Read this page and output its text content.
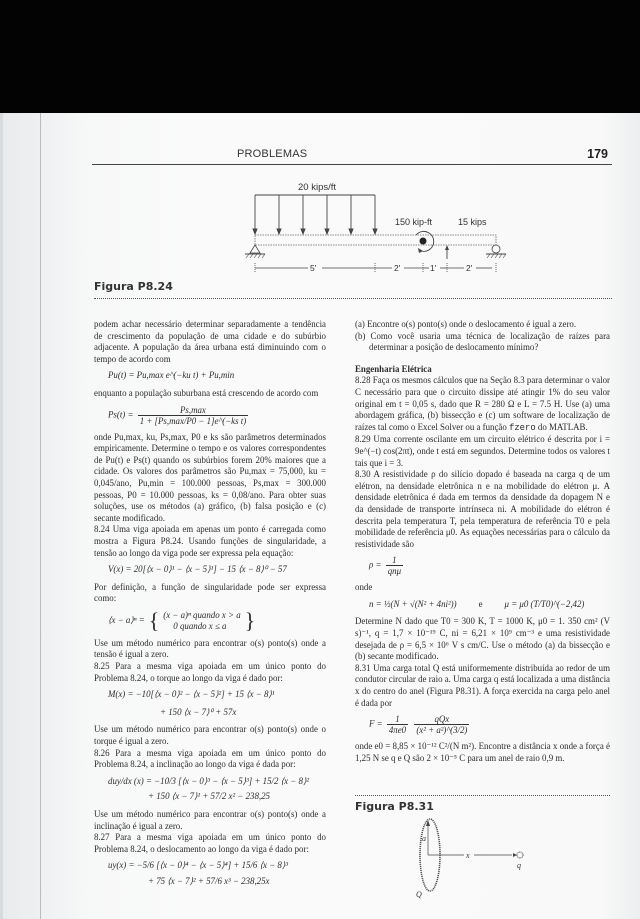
PROBLEMAS	179
20 kips/ft
150 kip-ft	15 kips
5'	2'	1'	2'
Figura P8.24

podem achar necessário determinar separadamente a tendência de crescimento da população de uma cidade e do subúrbio adjacente. A população da área urbana está diminuindo com o tempo de acordo com

Pu(t) = Pu,max e^(−ku t) + Pu,min

enquanto a população suburbana está crescendo de acordo com

$Ps(t) = \frac{Ps,\max}{\text{1 + [Ps,max/P0 − 1]e\textasciicircum{}(−ks t)}}$

onde Pu,max, ku, Ps,max, P0 e ks são parâmetros determinados empiricamente. Determine o tempo e os valores correspondentes de Pu(t) e Ps(t) quando os subúrbios forem 20% maiores que a cidade. Os valores dos parâmetros são Pu,max = 75,000, ku = 0,045/ano, Pu,min = 100.000 pessoas, Ps,max = 300.000 pessoas, P0 = 10.000 pessoas, ks = 0,08/ano. Para obter suas soluções, use os métodos (a) gráfico, (b) falsa posição e (c) secante modificado.

8.24 Uma viga apoiada em apenas um ponto é carregada como mostra a Figura P8.24. Usando funções de singularidade, a tensão ao longo da viga pode ser expressa pela equação:

V(x) = 20[⟨x − 0⟩¹ − ⟨x − 5⟩¹] − 15 ⟨x − 8⟩⁰ − 57

Por definição, a função de singularidade pode ser expressa como:

⟨x − a⟩ⁿ = { (x − a)ⁿ quando x > a
0 quando x ≤ a }

Use um método numérico para encontrar o(s) ponto(s) onde a tensão é igual a zero.

8.25 Para a mesma viga apoiada em um único ponto do Problema 8.24, o torque ao longo da viga é dado por:

M(x) = −10[⟨x − 0⟩² − ⟨x − 5⟩²] + 15 ⟨x − 8⟩¹
+ 150 ⟨x − 7⟩⁰ + 57x

Use um método numérico para encontrar o(s) ponto(s) onde o torque é igual a zero.

8.26 Para a mesma viga apoiada em um único ponto do Problema 8.24, a inclinação ao longo da viga é dada por:

duy/dx (x) = −10/3 [⟨x − 0⟩³ − ⟨x − 5⟩³] + 15/2 ⟨x − 8⟩²
+ 150 ⟨x − 7⟩¹ + 57/2 x² − 238,25

Use um método numérico para encontrar o(s) ponto(s) onde a inclinação é igual a zero.

8.27 Para a mesma viga apoiada em um único ponto do Problema 8.24, o deslocamento ao longo da viga é dado por:

uy(x) = −5/6 [⟨x − 0⟩⁴ − ⟨x − 5⟩⁴] + 15/6 ⟨x − 8⟩³
+ 75 ⟨x − 7⟩² + 57/6 x³ − 238,25x

(a) Encontre o(s) ponto(s) onde o deslocamento é igual a zero.

(b) Como você usaria uma técnica de localização de raízes para determinar a posição de deslocamento mínimo?

Engenharia Elétrica

8.28 Faça os mesmos cálculos que na Seção 8.3 para determinar o valor C necessário para que o circuito dissipe até atingir 1% do seu valor original em t = 0,05 s, dado que R = 280 Ω e L = 7.5 H. Use (a) uma abordagem gráfica, (b) bissecção e (c) um software de localização de raízes tal como o Excel Solver ou a função fzero do MATLAB.

8.29 Uma corrente oscilante em um circuito elétrico é descrita por i = 9e^(−t) cos(2πt), onde t está em segundos. Determine todos os valores t tais que i = 3.

8.30 A resistividade ρ do silício dopado é baseada na carga q de um elétron, na densidade eletrônica n e na mobilidade do elétron μ. A densidade eletrônica é dada em termos da densidade da dopagem N e da densidade de transporte intrínseca ni. A mobilidade do elétron é descrita pela temperatura T, pela temperatura de referência T0 e pela mobilidade de referência μ0. As equações necessárias para o cálculo da resistividade são

$\rho = \frac{1}{\text{qnμ}}$

onde

n = ½(N + √(N² + 4ni²)) e μ = μ0 (T/T0)^(−2,42)

Determine N dado que T0 = 300 K, T = 1000 K, μ0 = 1. 350 cm² (V s)⁻¹, q = 1,7 × 10⁻¹⁹ C, ni = 6,21 × 10⁹ cm⁻³ e uma resistividade desejada de ρ = 6,5 × 10⁶ V s cm/C. Use o método (a) da bissecção e (b) secante modificado.

8.31 Uma carga total Q está uniformemente distribuída ao redor de um condutor circular de raio a. Uma carga q está localizada a uma distância x do centro do anel (Figura P8.31). A força exercida na carga pelo anel é dada por

$F = \frac{1}{4\pi e0}$
$\frac{\text{qQx}}{\text{(x² + a²)\textasciicircum{}(3/2)}}$

onde e0 = 8,85 × 10⁻¹² C²/(N m²). Encontre a distância x onde a força é 1,25 N se q e Q são 2 × 10⁻⁵ C para um anel de raio 0,9 m.

Figura P8.31
a
x
q
Q
